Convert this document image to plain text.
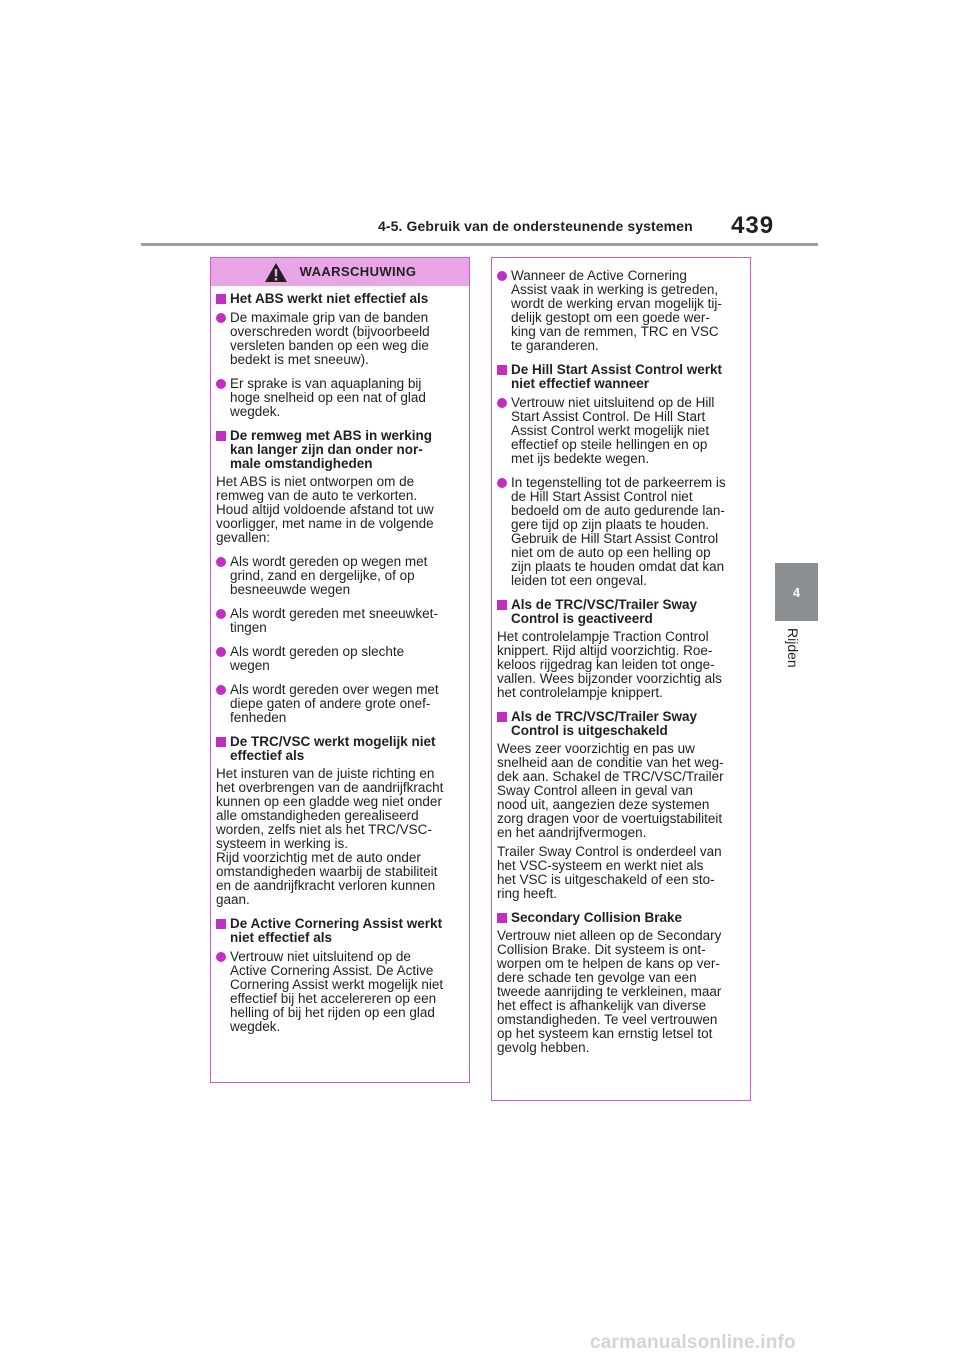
4-5. Gebruik van de ondersteunende systemen 439
4
Rijden
WAARSCHUWING
Het ABS werkt niet effectief als
De maximale grip van de banden
overschreden wordt (bijvoorbeeld
versleten banden op een weg die
bedekt is met sneeuw).
Er sprake is van aquaplaning bij
hoge snelheid op een nat of glad
wegdek.
De remweg met ABS in werking
kan langer zijn dan onder nor-
male omstandigheden
Het ABS is niet ontworpen om de
remweg van de auto te verkorten.
Houd altijd voldoende afstand tot uw
voorligger, met name in de volgende
gevallen:
Als wordt gereden op wegen met
grind, zand en dergelijke, of op
besneeuwde wegen
Als wordt gereden met sneeuwket-
tingen
Als wordt gereden op slechte
wegen
Als wordt gereden over wegen met
diepe gaten of andere grote onef-
fenheden
De TRC/VSC werkt mogelijk niet
effectief als
Het insturen van de juiste richting en
het overbrengen van de aandrijfkracht
kunnen op een gladde weg niet onder
alle omstandigheden gerealiseerd
worden, zelfs niet als het TRC/VSC-
systeem in werking is.
Rijd voorzichtig met de auto onder
omstandigheden waarbij de stabiliteit
en de aandrijfkracht verloren kunnen
gaan.
De Active Cornering Assist werkt
niet effectief als
Vertrouw niet uitsluitend op de
Active Cornering Assist. De Active
Cornering Assist werkt mogelijk niet
effectief bij het accelereren op een
helling of bij het rijden op een glad
wegdek.
Wanneer de Active Cornering
Assist vaak in werking is getreden,
wordt de werking ervan mogelijk tij-
delijk gestopt om een goede wer-
king van de remmen, TRC en VSC
te garanderen.
De Hill Start Assist Control werkt
niet effectief wanneer
Vertrouw niet uitsluitend op de Hill
Start Assist Control. De Hill Start
Assist Control werkt mogelijk niet
effectief op steile hellingen en op
met ijs bedekte wegen.
In tegenstelling tot de parkeerrem is
de Hill Start Assist Control niet
bedoeld om de auto gedurende lan-
gere tijd op zijn plaats te houden.
Gebruik de Hill Start Assist Control
niet om de auto op een helling op
zijn plaats te houden omdat dat kan
leiden tot een ongeval.
Als de TRC/VSC/Trailer Sway
Control is geactiveerd
Het controlelampje Traction Control
knippert. Rijd altijd voorzichtig. Roe-
keloos rijgedrag kan leiden tot onge-
vallen. Wees bijzonder voorzichtig als
het controlelampje knippert.
Als de TRC/VSC/Trailer Sway
Control is uitgeschakeld
Wees zeer voorzichtig en pas uw
snelheid aan de conditie van het weg-
dek aan. Schakel de TRC/VSC/Trailer
Sway Control alleen in geval van
nood uit, aangezien deze systemen
zorg dragen voor de voertuigstabiliteit
en het aandrijfvermogen.
Trailer Sway Control is onderdeel van
het VSC-systeem en werkt niet als
het VSC is uitgeschakeld of een sto-
ring heeft.
Secondary Collision Brake
Vertrouw niet alleen op de Secondary
Collision Brake. Dit systeem is ont-
worpen om te helpen de kans op ver-
dere schade ten gevolge van een
tweede aanrijding te verkleinen, maar
het effect is afhankelijk van diverse
omstandigheden. Te veel vertrouwen
op het systeem kan ernstig letsel tot
gevolg hebben.
carmanualsonline.info
